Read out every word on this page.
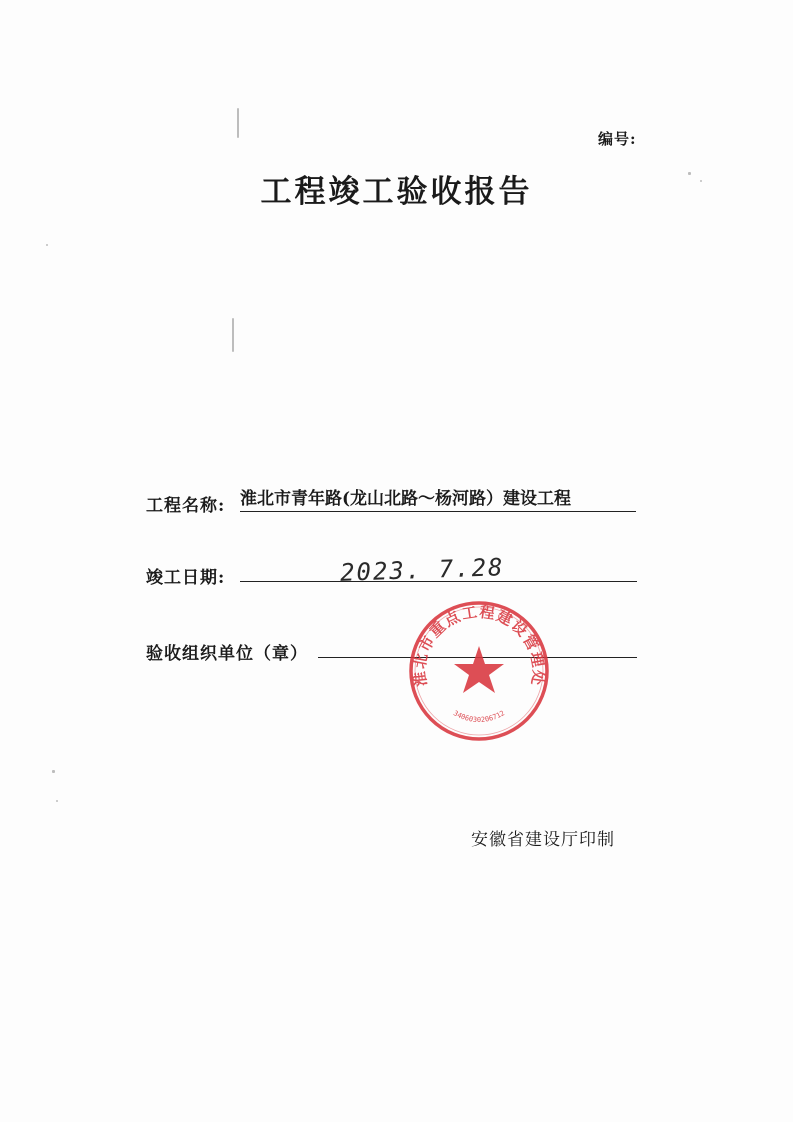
编号:
工程竣工验收报告
工程名称: 淮北市青年路(龙山北路～杨河路）建设工程
竣工日期:	2023. 7.28
验收组织单位（章）
淮北市重点工程建设管理处
3406030206712
安徽省建设厅印制
